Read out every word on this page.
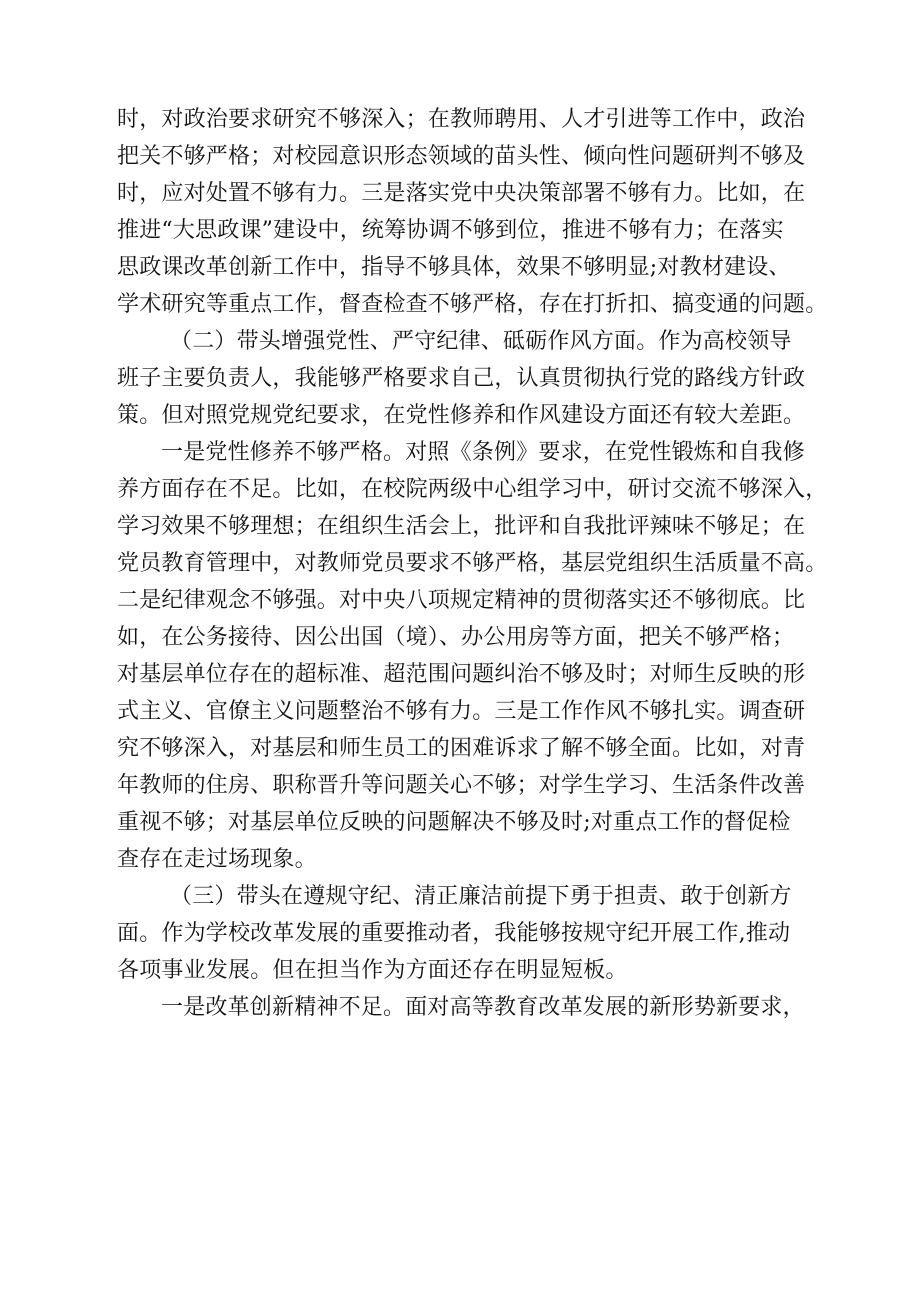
时，对政治要求研究不够深入；在教师聘用、人才引进等工作中，政治
把关不够严格；对校园意识形态领域的苗头性、倾向性问题研判不够及
时，应对处置不够有力。三是落实党中央决策部署不够有力。比如，在
推进“大思政课”建设中，统筹协调不够到位，推进不够有力；在落实
思政课改革创新工作中，指导不够具体，效果不够明显;对教材建设、
学术研究等重点工作，督查检查不够严格，存在打折扣、搞变通的问题。
（二）带头增强党性、严守纪律、砥砺作风方面。作为高校领导
班子主要负责人，我能够严格要求自己，认真贯彻执行党的路线方针政
策。但对照党规党纪要求，在党性修养和作风建设方面还有较大差距。
一是党性修养不够严格。对照《条例》要求，在党性锻炼和自我修
养方面存在不足。比如，在校院两级中心组学习中，研讨交流不够深入，
学习效果不够理想；在组织生活会上，批评和自我批评辣味不够足；在
党员教育管理中，对教师党员要求不够严格，基层党组织生活质量不高。
二是纪律观念不够强。对中央八项规定精神的贯彻落实还不够彻底。比
如，在公务接待、因公出国（境）、办公用房等方面，把关不够严格；
对基层单位存在的超标准、超范围问题纠治不够及时；对师生反映的形
式主义、官僚主义问题整治不够有力。三是工作作风不够扎实。调查研
究不够深入，对基层和师生员工的困难诉求了解不够全面。比如，对青
年教师的住房、职称晋升等问题关心不够；对学生学习、生活条件改善
重视不够；对基层单位反映的问题解决不够及时;对重点工作的督促检
查存在走过场现象。
（三）带头在遵规守纪、清正廉洁前提下勇于担责、敢于创新方
面。作为学校改革发展的重要推动者，我能够按规守纪开展工作,推动
各项事业发展。但在担当作为方面还存在明显短板。
一是改革创新精神不足。面对高等教育改革发展的新形势新要求，
